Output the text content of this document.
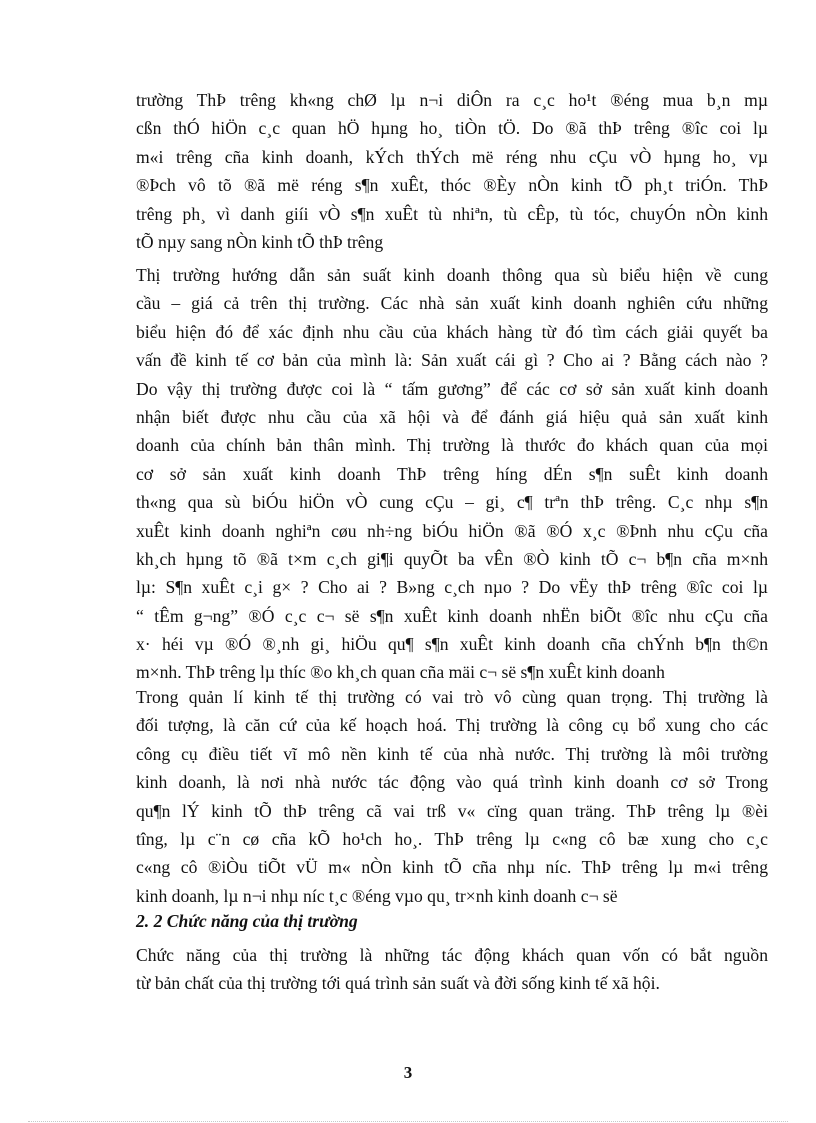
trường ThÞ trêng kh«ng chØ lµ n¬i diÔn ra c¸c ho¹t ®éng mua b¸n mµ
cßn thÓ hiÖn c¸c quan hÖ hµng ho¸ tiÒn tÖ. Do ®ã thÞ trêng ®îc coi lµ
m«i trêng cña kinh doanh, kÝch thÝch më réng nhu cÇu vÒ hµng ho¸ vµ
®Þch vô tõ ®ã më réng s¶n xuÊt, thóc ®Èy nÒn kinh tÕ ph¸t triÓn. ThÞ
trêng ph¸ vì danh giíi vÒ s¶n xuÊt tù nhiªn, tù cÊp, tù tóc, chuyÓn nÒn kinh
tÕ nµy sang nÒn kinh tÕ thÞ trêng
Thị trường hướng dẫn sản suất kinh doanh thông qua sù biểu hiện về cung
cầu – giá cả trên thị trường. Các nhà sản xuất kinh doanh nghiên cứu những
biểu hiện đó để xác định nhu cầu của khách hàng từ đó tìm cách giải quyết ba
vấn đề kinh tế cơ bản của mình là: Sản xuất cái gì ? Cho ai ? Bằng cách nào ?
Do vậy thị trường được coi là “ tấm gương” để các cơ sở sản xuất kinh doanh
nhận biết được nhu cầu của xã hội và để đánh giá hiệu quả sản xuất kinh
doanh của chính bản thân mình. Thị trường là thước đo khách quan của mọi
cơ sở sản xuất kinh doanh ThÞ trêng híng dÉn s¶n suÊt kinh doanh
th«ng qua sù biÓu hiÖn vÒ cung cÇu – gi¸ c¶ trªn thÞ trêng. C¸c nhµ s¶n
xuÊt kinh doanh nghiªn cøu nh÷ng biÓu hiÖn ®ã ®Ó x¸c ®Þnh nhu cÇu cña
kh¸ch hµng tõ ®ã t×m c¸ch gi¶i quyÕt ba vÊn ®Ò kinh tÕ c¬ b¶n cña m×nh
lµ: S¶n xuÊt c¸i g× ? Cho ai ? B»ng c¸ch nµo ? Do vËy thÞ trêng ®îc coi lµ
“ tÊm g¬ng” ®Ó c¸c c¬ së s¶n xuÊt kinh doanh nhËn biÕt ®îc nhu cÇu cña
x· héi vµ ®Ó ®¸nh gi¸ hiÖu qu¶ s¶n xuÊt kinh doanh cña chÝnh b¶n th©n
m×nh. ThÞ trêng lµ thíc ®o kh¸ch quan cña mäi c¬ së s¶n xuÊt kinh doanh
Trong quản lí kinh tế thị trường có vai trò vô cùng quan trọng. Thị trường là
đối tượng, là căn cứ của kế hoạch hoá. Thị trường là công cụ bổ xung cho các
công cụ điều tiết vĩ mô nền kinh tế của nhà nước. Thị trường là môi trường
kinh doanh, là nơi nhà nước tác động vào quá trình kinh doanh cơ sở Trong
qu¶n lÝ kinh tÕ thÞ trêng cã vai trß v« cïng quan träng. ThÞ trêng lµ ®èi
tîng, lµ c¨n cø cña kÕ ho¹ch ho¸. ThÞ trêng lµ c«ng cô bæ xung cho c¸c
c«ng cô ®iÒu tiÕt vÜ m« nÒn kinh tÕ cña nhµ níc. ThÞ trêng lµ m«i trêng
kinh doanh, lµ n¬i nhµ níc t¸c ®éng vµo qu¸ tr×nh kinh doanh c¬ së
2. 2 Chức năng của thị trường
Chức năng của thị trường là những tác động khách quan vốn có bắt nguồn
từ bản chất của thị trường tới quá trình sản suất và đời sống kinh tế xã hội.
3
